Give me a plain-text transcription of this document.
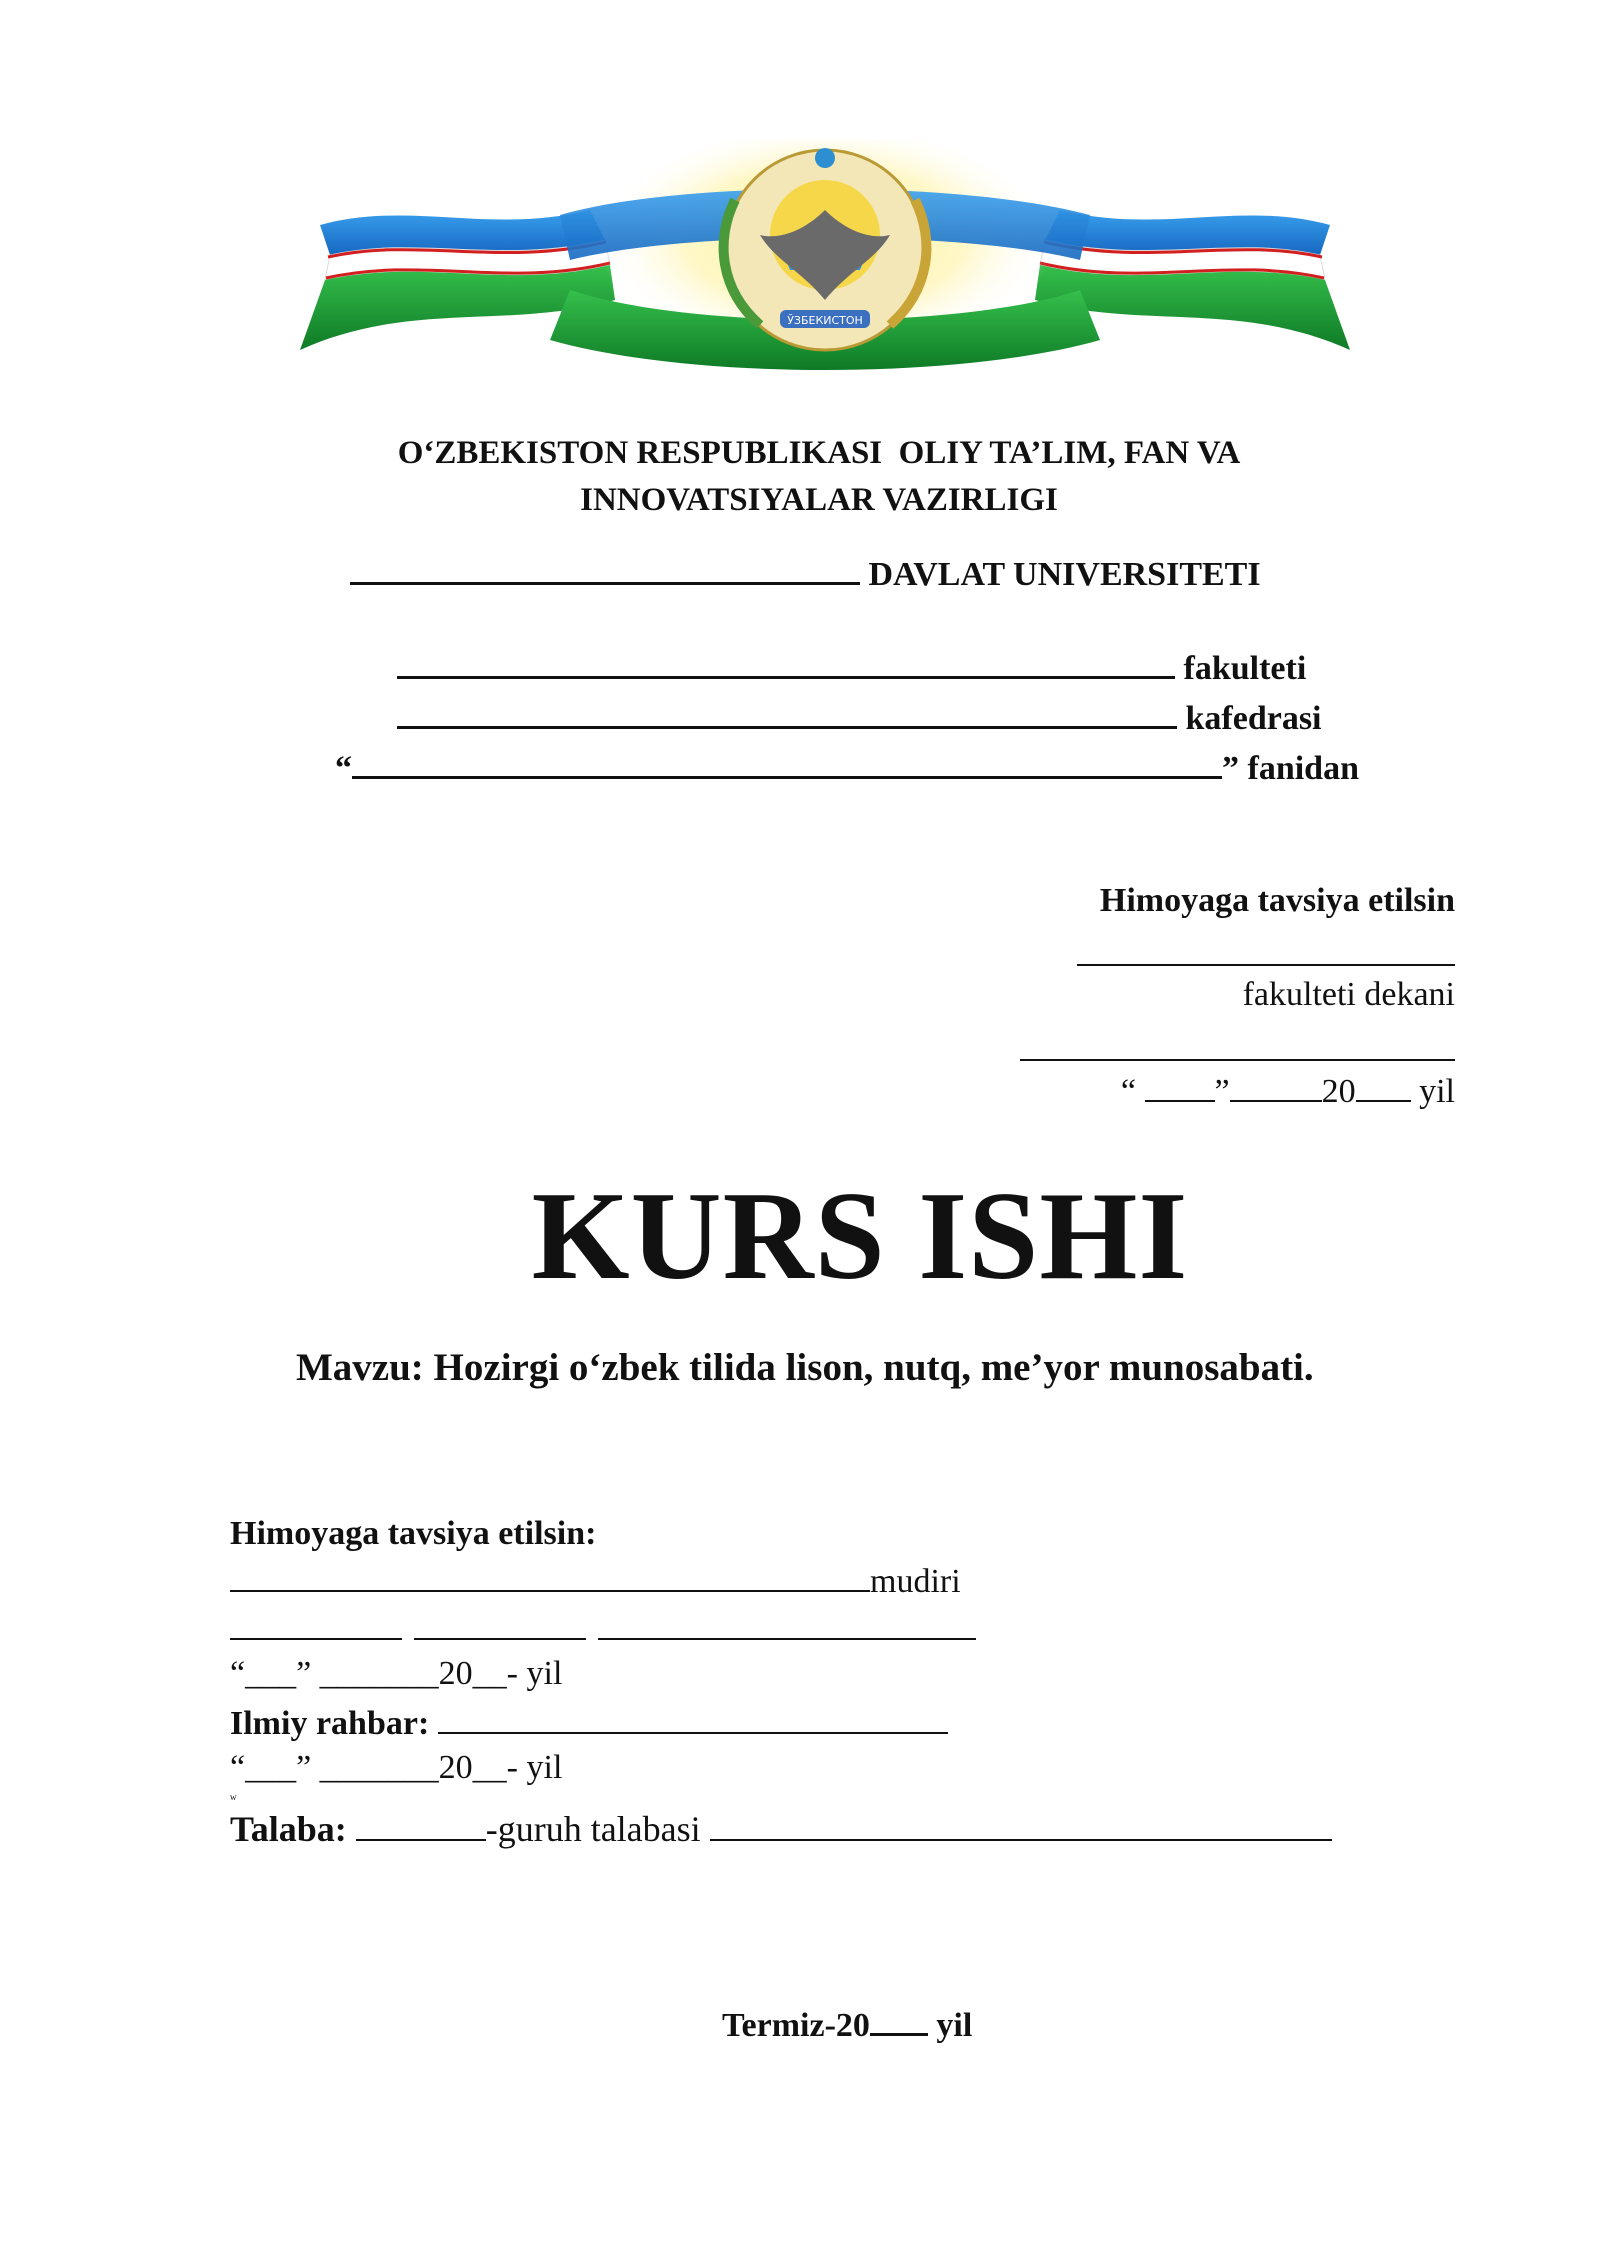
ЎЗБЕКИСТОН
O‘ZBEKISTON RESPUBLIKASI  OLIY TA’LIM, FAN VA
INNOVATSIYALAR VAZIRLIGI
DAVLAT UNIVERSITETI
fakulteti
kafedrasi
“	” fanidan
Himoyaga tavsiya etilsin
fakulteti dekani
“ ”	20 yil
KURS ISHI
Mavzu: Hozirgi o‘zbek tilida lison, nutq, me’yor munosabati.
Himoyaga tavsiya etilsin:
mudiri

“___” _______20__- yil
Ilmiy rahbar:
“___” _______20__- yil
w
Talaba:	-guruh talabasi
Termiz-20 yil
